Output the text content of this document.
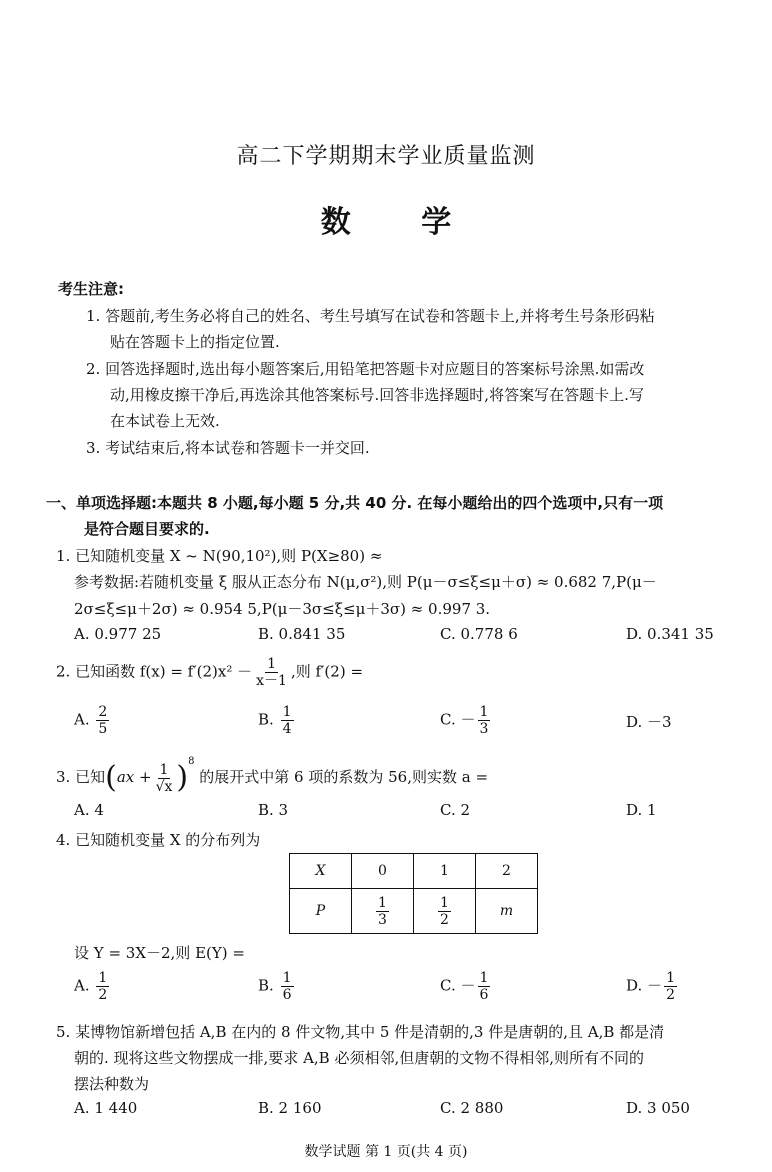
高二下学期期末学业质量监测
数 学
考生注意:
1. 答题前,考生务必将自己的姓名、考生号填写在试卷和答题卡上,并将考生号条形码粘
贴在答题卡上的指定位置.
2. 回答选择题时,选出每小题答案后,用铅笔把答题卡对应题目的答案标号涂黑.如需改
动,用橡皮擦干净后,再选涂其他答案标号.回答非选择题时,将答案写在答题卡上.写
在本试卷上无效.
3. 考试结束后,将本试卷和答题卡一并交回.
一、单项选择题:本题共 8 小题,每小题 5 分,共 40 分. 在每小题给出的四个选项中,只有一项
是符合题目要求的.
1. 已知随机变量 X ~ N(90,10²),则 P(X≥80) ≈
参考数据:若随机变量 ξ 服从正态分布 N(μ,σ²),则 P(μ－σ≤ξ≤μ＋σ) ≈ 0.682 7,P(μ－
2σ≤ξ≤μ＋2σ) ≈ 0.954 5,P(μ－3σ≤ξ≤μ＋3σ) ≈ 0.997 3.
A. 0.977 25	B. 0.841 35	C. 0.778 6	D. 0.341 35
2. 已知函数 $f(x) = f'(2)x^2 - \frac{1}{x-1}$ ,则 f′(2) =
A. $\frac{2}{5}$	B. $\frac{1}{4}$	C. － $\frac{1}{3}$	D. －3
3. 已知$(ax + \frac{1}{√x} )^8$ 的展开式中第 6 项的系数为 56,则实数 a =
A. 4	B. 3	C. 2	D. 1
4. 已知随机变量 X 的分布列为
X	0	1	2
P	$\frac{1}{3}$	$\frac{1}{2}$	m
设 Y = 3X－2,则 E(Y) =
A. $\frac{1}{2}$	B. $\frac{1}{6}$	C. － $\frac{1}{6}$	D. － $\frac{1}{2}$
5. 某博物馆新增包括 A,B 在内的 8 件文物,其中 5 件是清朝的,3 件是唐朝的,且 A,B 都是清
朝的. 现将这些文物摆成一排,要求 A,B 必须相邻,但唐朝的文物不得相邻,则所有不同的
摆法种数为
A. 1 440	B. 2 160	C. 2 880	D. 3 050
数学试题 第 1 页(共 4 页)
